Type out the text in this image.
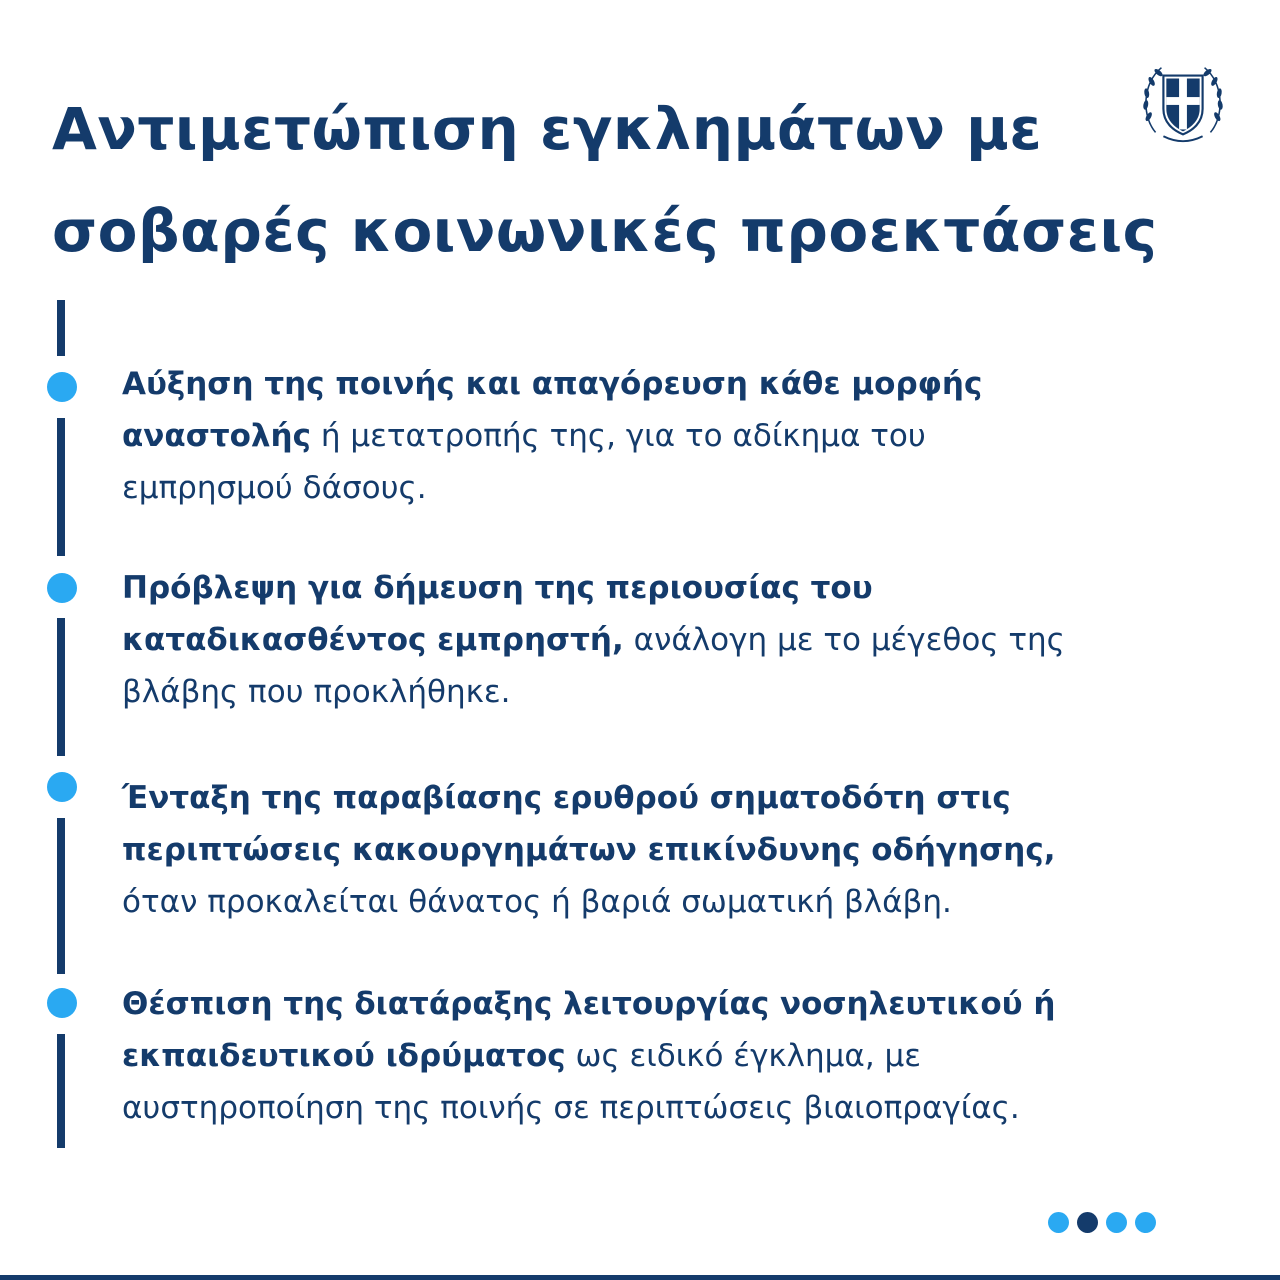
Αντιμετώπιση εγκλημάτων με
σοβαρές κοινωνικές προεκτάσεις
Αύξηση της ποινής και απαγόρευση κάθε μορφής
αναστολής ή μετατροπής της, για το αδίκημα του
εμπρησμού δάσους.
Πρόβλεψη για δήμευση της περιουσίας του
καταδικασθέντος εμπρηστή, ανάλογη με το μέγεθος της
βλάβης που προκλήθηκε.
Ένταξη της παραβίασης ερυθρού σηματοδότη στις
περιπτώσεις κακουργημάτων επικίνδυνης οδήγησης,
όταν προκαλείται θάνατος ή βαριά σωματική βλάβη.
Θέσπιση της διατάραξης λειτουργίας νοσηλευτικού ή
εκπαιδευτικού ιδρύματος ως ειδικό έγκλημα, με
αυστηροποίηση της ποινής σε περιπτώσεις βιαιοπραγίας.
